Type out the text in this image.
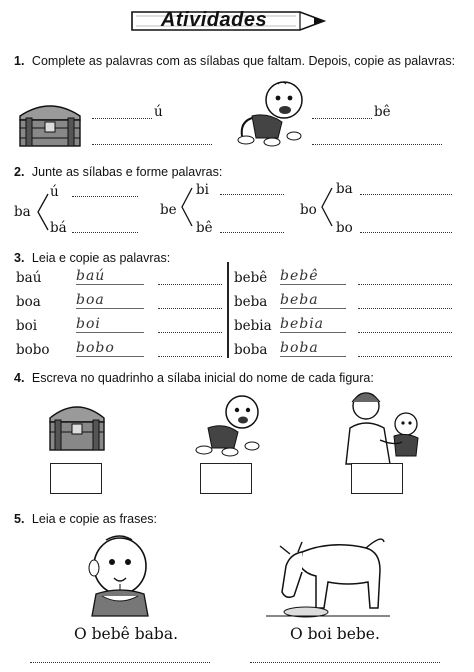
Atividades
1. Complete as palavras com as sílabas que faltam. Depois, copie as palavras:
ú	bê
2. Junte as sílabas e forme palavras:
ba
ú
bá
be
bi
bê
bo
ba
bo
3. Leia e copie as palavras:
baú baú
boa	boa
boi	boi
bobo bobo
bebê bebê
beba beba
bebia bebia
boba boba
4. Escreva no quadrinho a sílaba inicial do nome de cada figura:
5. Leia e copie as frases:
O bebê baba.	O boi bebe.
